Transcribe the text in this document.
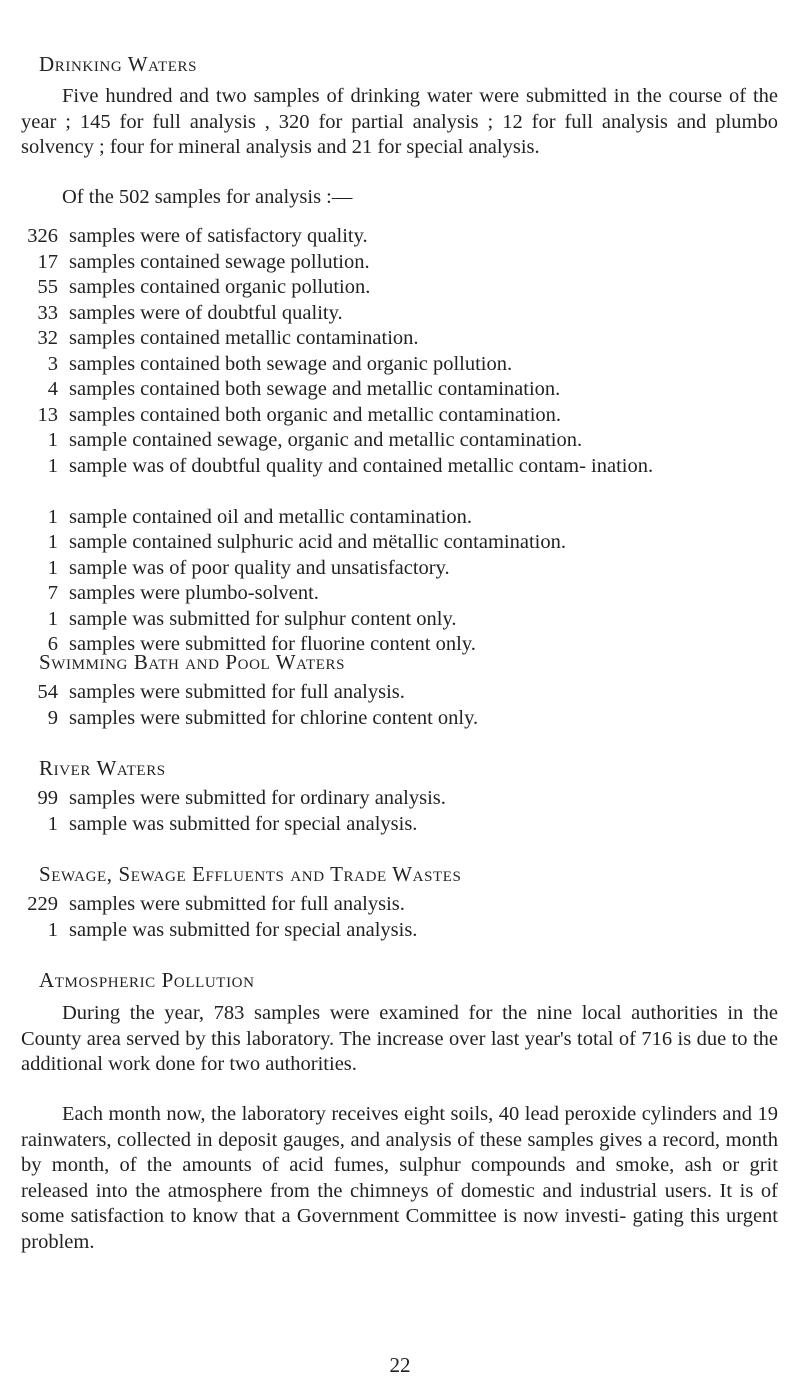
Drinking Waters

Five hundred and two samples of drinking water were submitted in the course of the year ; 145 for full analysis , 320 for partial analysis ; 12 for full analysis and plumbo solvency ; four for mineral analysis and 21 for special analysis.

Of the 502 samples for analysis :—

326 samples were of satisfactory quality.
17 samples contained sewage pollution.
55 samples contained organic pollution.
33 samples were of doubtful quality.
32 samples contained metallic contamination.
3 samples contained both sewage and organic pollution.
4 samples contained both sewage and metallic contamination.
13 samples contained both organic and metallic contamination.
1 sample contained sewage, organic and metallic contamination.
1 sample was of doubtful quality and contained metallic contam- ination.
1 sample contained oil and metallic contamination.
1 sample contained sulphuric acid and mëtallic contamination.
1 sample was of poor quality and unsatisfactory.
7 samples were plumbo-solvent.
1 sample was submitted for sulphur content only.
6 samples were submitted for fluorine content only.
Swimming Bath and Pool Waters
54 samples were submitted for full analysis.
9 samples were submitted for chlorine content only.
River Waters
99 samples were submitted for ordinary analysis.
1 sample was submitted for special analysis.
Sewage, Sewage Effluents and Trade Wastes
229 samples were submitted for full analysis.
1 sample was submitted for special analysis.
Atmospheric Pollution

During the year, 783 samples were examined for the nine local authorities in the County area served by this laboratory. The increase over last year's total of 716 is due to the additional work done for two authorities.

Each month now, the laboratory receives eight soils, 40 lead peroxide cylinders and 19 rainwaters, collected in deposit gauges, and analysis of these samples gives a record, month by month, of the amounts of acid fumes, sulphur compounds and smoke, ash or grit released into the atmosphere from the chimneys of domestic and industrial users. It is of some satisfaction to know that a Government Committee is now investi- gating this urgent problem.

22
